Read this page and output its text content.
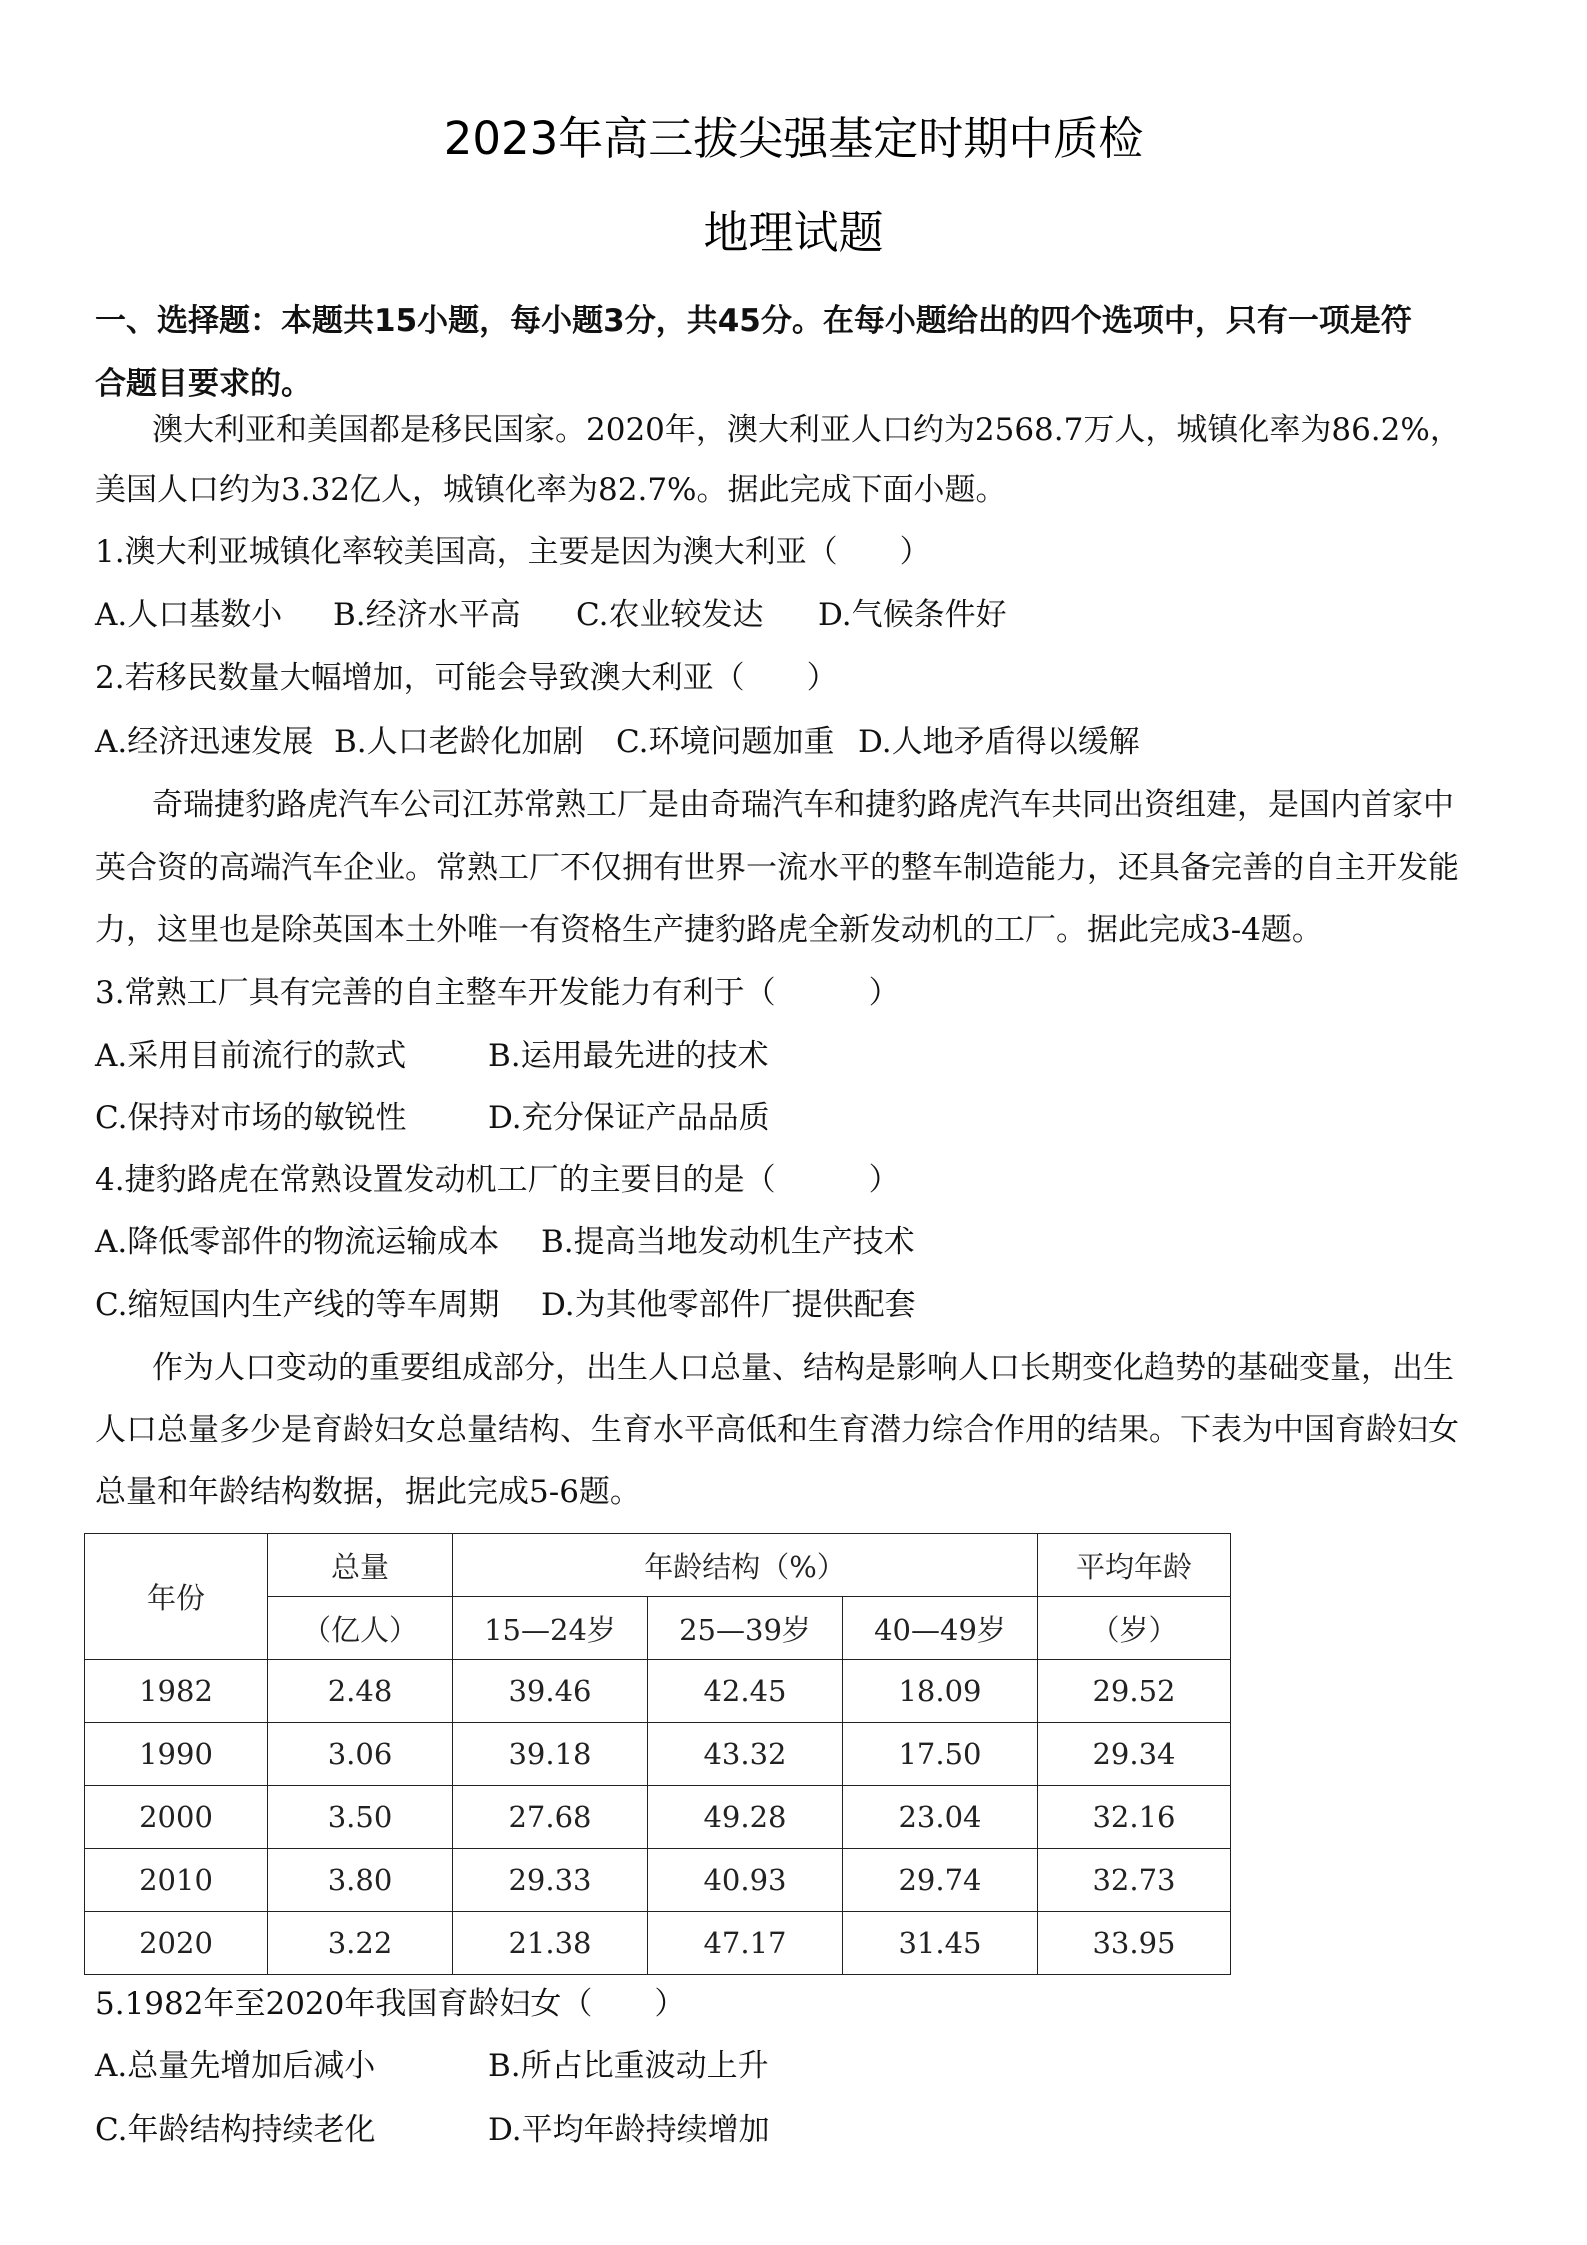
2023年高三拔尖强基定时期中质检
地理试题
一、选择题：本题共15小题，每小题3分，共45分。在每小题给出的四个选项中，只有一项是符
合题目要求的。
澳大利亚和美国都是移民国家。2020年，澳大利亚人口约为2568.7万人，城镇化率为86.2%，
美国人口约为3.32亿人，城镇化率为82.7%。据此完成下面小题。
1.澳大利亚城镇化率较美国高，主要是因为澳大利亚（　　）
A.人口基数小 B.经济水平高 C.农业较发达 D.气候条件好
2.若移民数量大幅增加，可能会导致澳大利亚（　　）
A.经济迅速发展 B.人口老龄化加剧 C.环境问题加重 D.人地矛盾得以缓解
奇瑞捷豹路虎汽车公司江苏常熟工厂是由奇瑞汽车和捷豹路虎汽车共同出资组建，是国内首家中
英合资的高端汽车企业。常熟工厂不仅拥有世界一流水平的整车制造能力，还具备完善的自主开发能
力，这里也是除英国本土外唯一有资格生产捷豹路虎全新发动机的工厂。据此完成3-4题。
3.常熟工厂具有完善的自主整车开发能力有利于（　　　）
A.采用目前流行的款式	B.运用最先进的技术
C.保持对市场的敏锐性	D.充分保证产品品质
4.捷豹路虎在常熟设置发动机工厂的主要目的是（　　　）
A.降低零部件的物流运输成本 B.提高当地发动机生产技术
C.缩短国内生产线的等车周期 D.为其他零部件厂提供配套
作为人口变动的重要组成部分，出生人口总量、结构是影响人口长期变化趋势的基础变量，出生
人口总量多少是育龄妇女总量结构、生育水平高低和生育潜力综合作用的结果。下表为中国育龄妇女
总量和年龄结构数据，据此完成5-6题。
年份	总量	年龄结构（%）			平均年龄
	（亿人）	15—24岁	25—39岁	40—49岁	（岁）
1982	2.48	39.46	42.45	18.09	29.52
1990	3.06	39.18	43.32	17.50	29.34
2000	3.50	27.68	49.28	23.04	32.16
2010	3.80	29.33	40.93	29.74	32.73
2020	3.22	21.38	47.17	31.45	33.95
5.1982年至2020年我国育龄妇女（　　）
A.总量先增加后减小	B.所占比重波动上升
C.年龄结构持续老化	D.平均年龄持续增加
